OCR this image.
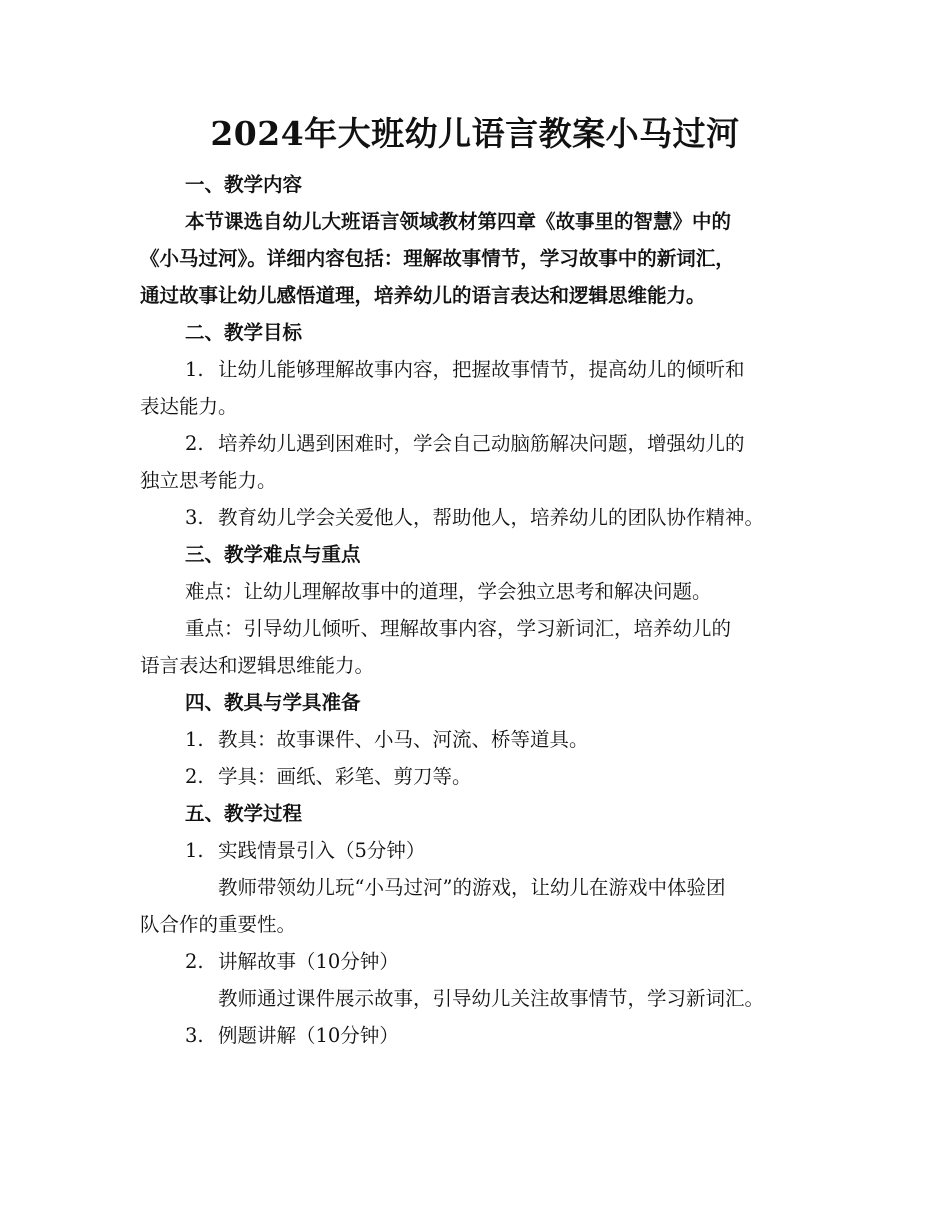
2024年大班幼儿语言教案小马过河
一、教学内容
本节课选自幼儿大班语言领域教材第四章《故事里的智慧》中的
《小马过河》。详细内容包括：理解故事情节，学习故事中的新词汇，
通过故事让幼儿感悟道理，培养幼儿的语言表达和逻辑思维能力。
二、教学目标
1. 让幼儿能够理解故事内容，把握故事情节，提高幼儿的倾听和
表达能力。
2. 培养幼儿遇到困难时，学会自己动脑筋解决问题，增强幼儿的
独立思考能力。
3. 教育幼儿学会关爱他人，帮助他人，培养幼儿的团队协作精神。
三、教学难点与重点
难点：让幼儿理解故事中的道理，学会独立思考和解决问题。
重点：引导幼儿倾听、理解故事内容，学习新词汇，培养幼儿的
语言表达和逻辑思维能力。
四、教具与学具准备
1. 教具：故事课件、小马、河流、桥等道具。
2. 学具：画纸、彩笔、剪刀等。
五、教学过程
1. 实践情景引入（5分钟）
教师带领幼儿玩“小马过河”的游戏，让幼儿在游戏中体验团
队合作的重要性。
2. 讲解故事（10分钟）
教师通过课件展示故事，引导幼儿关注故事情节，学习新词汇。
3. 例题讲解（10分钟）
